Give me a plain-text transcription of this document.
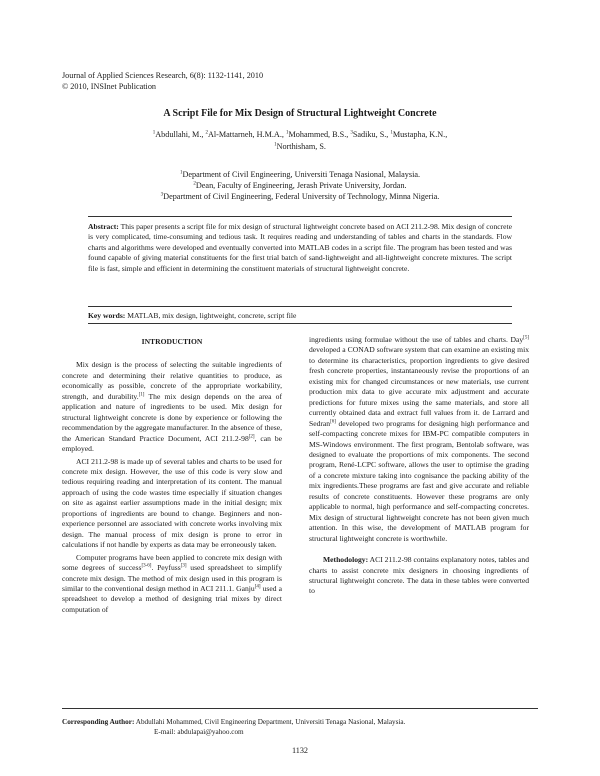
Journal of Applied Sciences Research, 6(8): 1132-1141, 2010
© 2010, INSInet Publication
A Script File for Mix Design of Structural Lightweight Concrete
$^1$Abdullahi, M., $^2$Al-Mattarneh, H.M.A., $^1$Mohammed, B.S., $^3$Sadiku, S., $^1$Mustapha, K.N.,
$^1$Northisham, S.
$^1$Department of Civil Engineering, Universiti Tenaga Nasional, Malaysia.
$^2$Dean, Faculty of Engineering, Jerash Private University, Jordan.
$^3$Department of Civil Engineering, Federal University of Technology, Minna Nigeria.
Abstract: This paper presents a script file for mix design of structural lightweight concrete based on ACI 211.2-98. Mix design of concrete is very complicated, time-consuming and tedious task. It requires reading and understanding of tables and charts in the standards. Flow charts and algorithms were developed and eventually converted into MATLAB codes in a script file. The program has been tested and was found capable of giving material constituents for the first trial batch of sand-lightweight and all-lightweight concrete mixtures. The script file is fast, simple and efficient in determining the constituent materials of structural lightweight concrete.
Key words: MATLAB, mix design, lightweight, concrete, script file

INTRODUCTION

Mix design is the process of selecting the suitable ingredients of concrete and determining their relative quantities to produce, as economically as possible, concrete of the appropriate workability, strength, and durability.[1] The mix design depends on the area of application and nature of ingredients to be used. Mix design for structural lightweight concrete is done by experience or following the recommendation by the aggregate manufacturer. In the absence of these, the American Standard Practice Document, ACI 211.2-98[2], can be employed.

ACI 211.2-98 is made up of several tables and charts to be used for concrete mix design. However, the use of this code is very slow and tedious requiring reading and interpretation of its content. The manual approach of using the code wastes time especially if situation changes on site as against earlier assumptions made in the initial design; mix proportions of ingredients are bound to change. Beginners and non-experience personnel are associated with concrete works involving mix design. The manual process of mix design is prone to error in calculations if not handle by experts as data may be erroneously taken.

Computer programs have been applied to concrete mix design with some degrees of success[3-6]. Peyfuss[3] used spreadsheet to simplify concrete mix design. The method of mix design used in this program is similar to the conventional design method in ACI 211.1. Ganju[4] used a spreadsheet to develop a method of designing trial mixes by direct computation of

ingredients using formulae without the use of tables and charts. Day[5] developed a CONAD software system that can examine an existing mix to determine its characteristics, proportion ingredients to give desired fresh concrete properties, instantaneously revise the proportions of an existing mix for changed circumstances or new materials, use current production mix data to give accurate mix adjustment and accurate predictions for future mixes using the same materials, and store all currently obtained data and extract full values from it. de Larrard and Sedran[6] developed two programs for designing high performance and self-compacting concrete mixes for IBM-PC compatible computers in MS-Windows environment. The first program, Bentolab software, was designed to evaluate the proportions of mix components. The second program, René-LCPC software, allows the user to optimise the grading of a concrete mixture taking into cognisance the packing ability of the mix ingredients.These programs are fast and give accurate and reliable results of concrete constituents. However these programs are only applicable to normal, high performance and self-compacting concretes. Mix design of structural lightweight concrete has not been given much attention. In this wise, the development of MATLAB program for structural lightweight concrete is worthwhile.

Methodology: ACI 211.2-98 contains explanatory notes, tables and charts to assist concrete mix designers in choosing ingredients of structural lightweight concrete. The data in these tables were converted to

Corresponding Author: Abdullahi Mohammed, Civil Engineering Department, Universiti Tenaga Nasional, Malaysia.
E-mail: abdulapai@yahoo.com
1132
